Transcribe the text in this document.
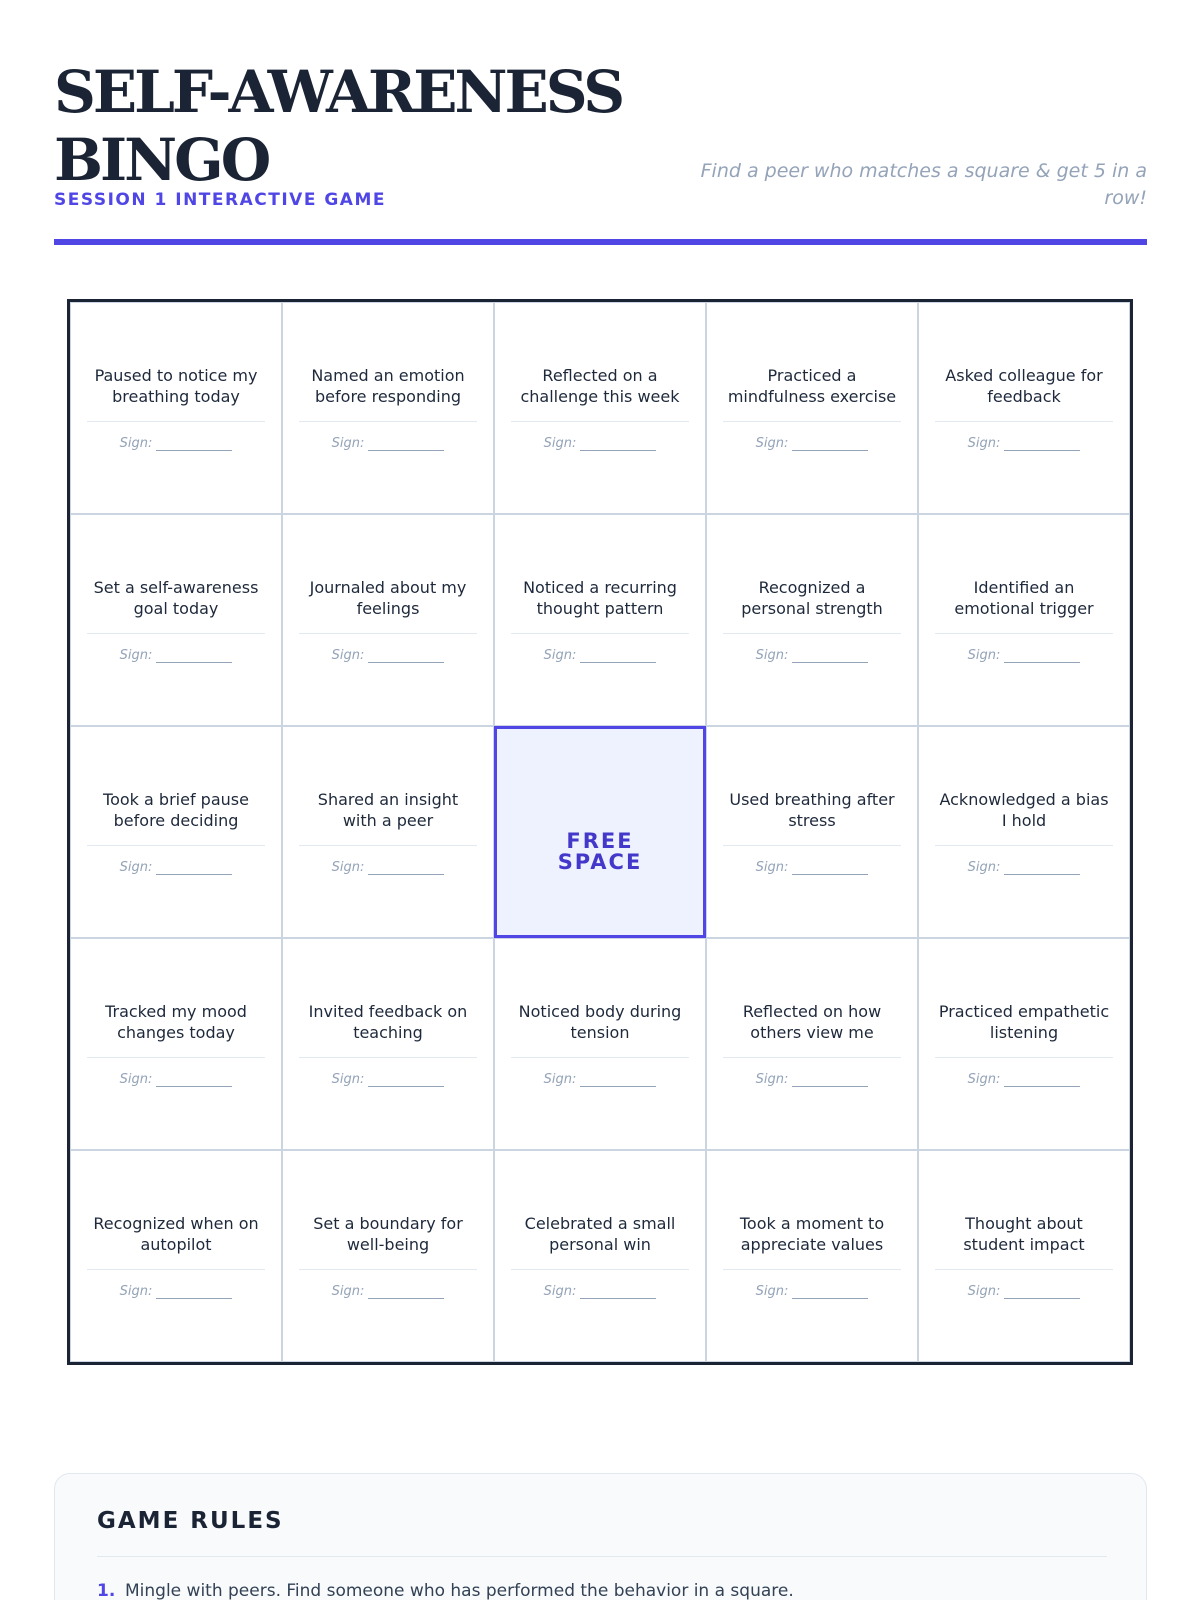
SELF-AWARENESS BINGO
SESSION 1 INTERACTIVE GAME
Find a peer who matches a square & get 5 in a row!
Paused to notice my breathing today
Sign:
Named an emotion before responding
Sign:
Reflected on a challenge this week
Sign:
Practiced a mindfulness exercise
Sign:
Asked colleague for feedback
Sign:
Set a self-awareness goal today
Sign:
Journaled about my feelings
Sign:
Noticed a recurring thought pattern
Sign:
Recognized a personal strength
Sign:
Identified an emotional trigger
Sign:
Took a brief pause before deciding
Sign:
Shared an insight with a peer
Sign:
FREE
SPACE
Used breathing after stress
Sign:
Acknowledged a bias I hold
Sign:
Tracked my mood changes today
Sign:
Invited feedback on teaching
Sign:
Noticed body during tension
Sign:
Reflected on how others view me
Sign:
Practiced empathetic listening
Sign:
Recognized when on autopilot
Sign:
Set a boundary for well-being
Sign:
Celebrated a small personal win
Sign:
Took a moment to appreciate values
Sign:
Thought about student impact
Sign:
GAME RULES
1. Mingle with peers. Find someone who has performed the behavior in a square.
